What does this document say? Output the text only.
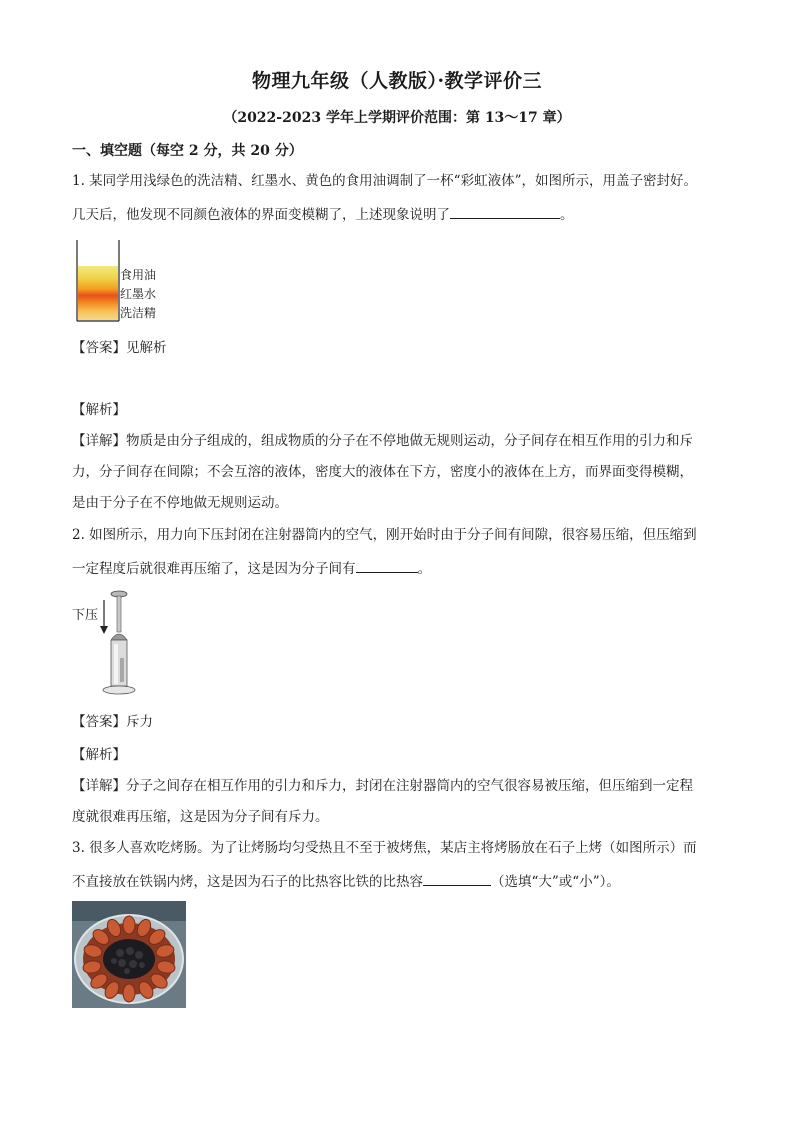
物理九年级（人教版）·教学评价三
（2022-2023 学年上学期评价范围：第 13～17 章）
一、填空题（每空 2 分，共 20 分）
1. 某同学用浅绿色的洗洁精、红墨水、黄色的食用油调制了一杯“彩虹液体”，如图所示，用盖子密封好。
几天后，他发现不同颜色液体的界面变模糊了，上述现象说明了	。
食用油
红墨水
洗洁精
【答案】见解析
【解析】
【详解】物质是由分子组成的，组成物质的分子在不停地做无规则运动，分子间存在相互作用的引力和斥
力，分子间存在间隙；不会互溶的液体，密度大的液体在下方，密度小的液体在上方，而界面变得模糊，
是由于分子在不停地做无规则运动。
2. 如图所示，用力向下压封闭在注射器筒内的空气，刚开始时由于分子间有间隙，很容易压缩，但压缩到
一定程度后就很难再压缩了，这是因为分子间有	。
下压
【答案】斥力
【解析】
【详解】分子之间存在相互作用的引力和斥力，封闭在注射器筒内的空气很容易被压缩，但压缩到一定程
度就很难再压缩，这是因为分子间有斥力。
3. 很多人喜欢吃烤肠。为了让烤肠均匀受热且不至于被烤焦，某店主将烤肠放在石子上烤（如图所示）而
不直接放在铁锅内烤，这是因为石子的比热容比铁的比热容	（选填“大”或“小”）。
